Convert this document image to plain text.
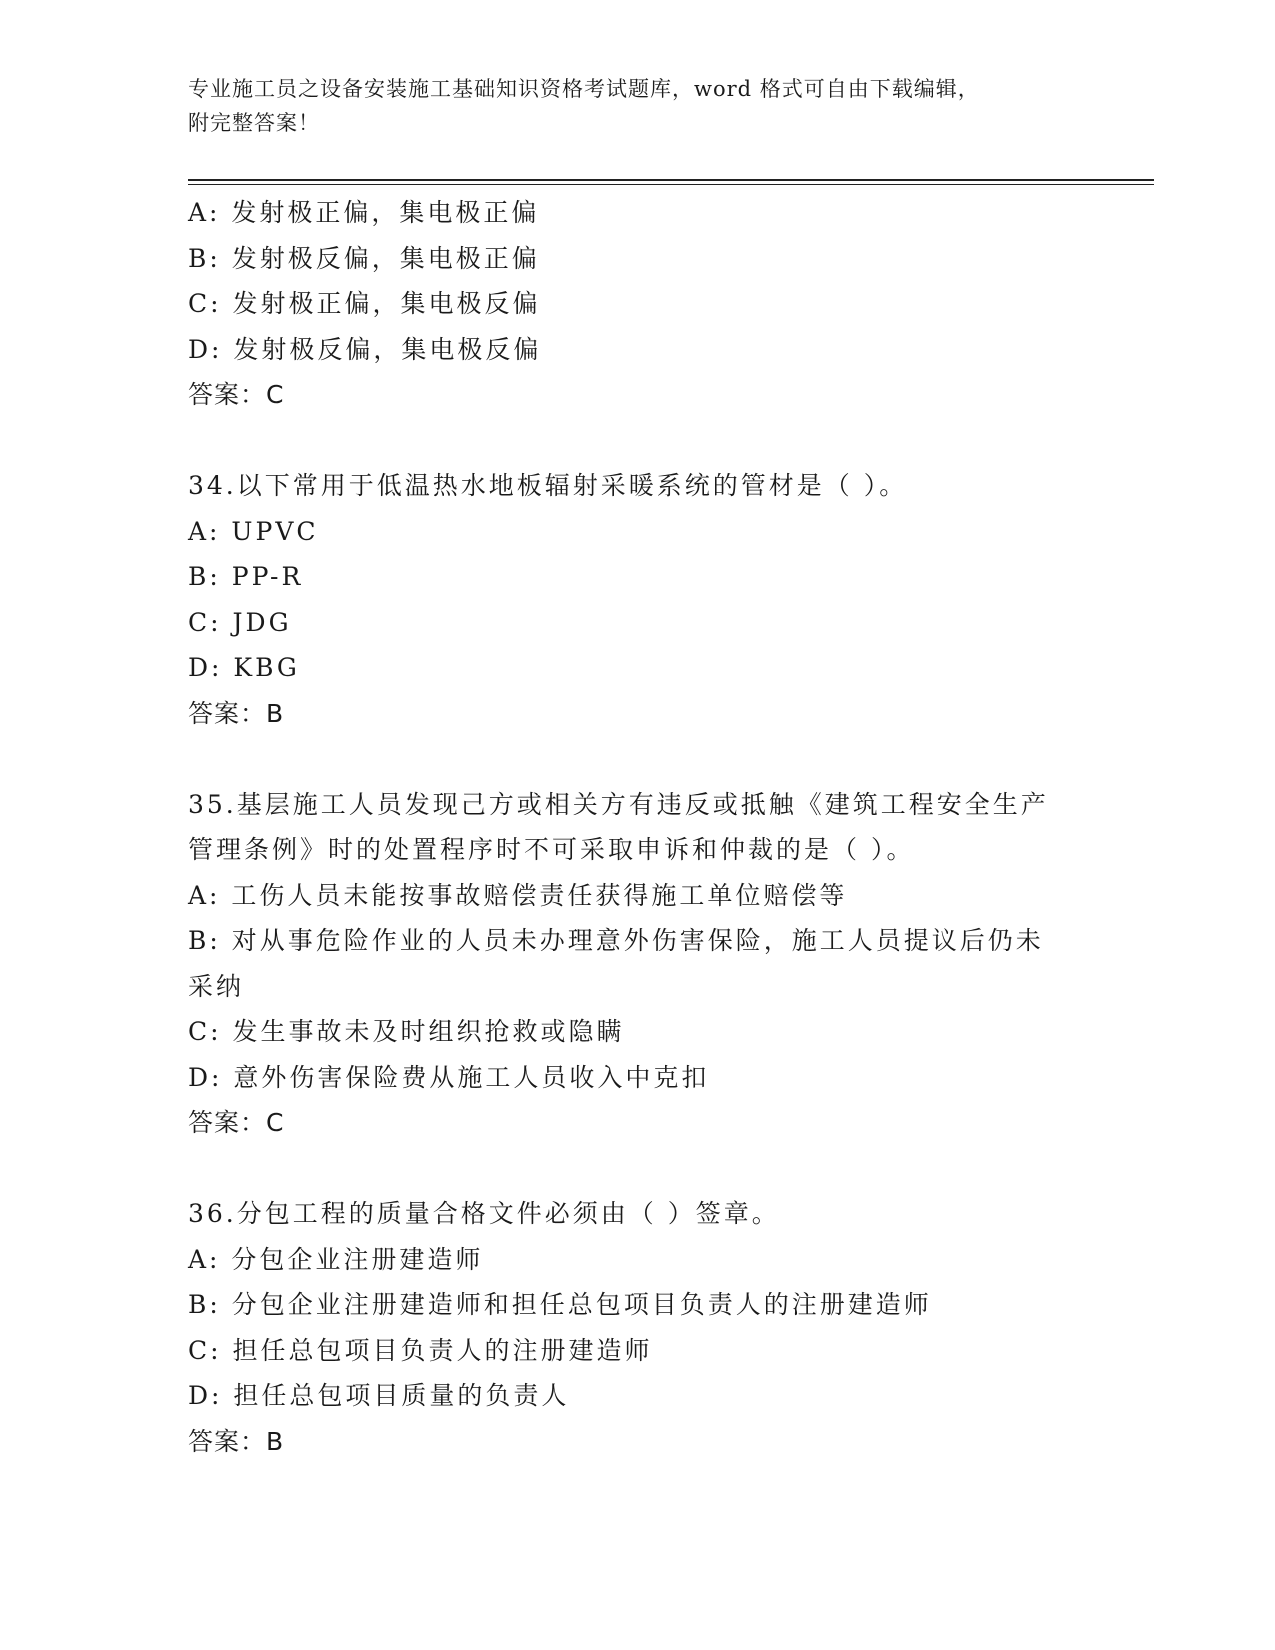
专业施工员之设备安装施工基础知识资格考试题库，word 格式可自由下载编辑，
附完整答案！
A: 发射极正偏，集电极正偏
B: 发射极反偏，集电极正偏
C: 发射极正偏，集电极反偏
D: 发射极反偏，集电极反偏
答案：C
34.以下常用于低温热水地板辐射采暖系统的管材是（ ）。
A: UPVC
B: PP-R
C: JDG
D: KBG
答案：B
35.基层施工人员发现己方或相关方有违反或抵触《建筑工程安全生产
管理条例》时的处置程序时不可采取申诉和仲裁的是（ ）。
A: 工伤人员未能按事故赔偿责任获得施工单位赔偿等
B: 对从事危险作业的人员未办理意外伤害保险，施工人员提议后仍未
采纳
C: 发生事故未及时组织抢救或隐瞒
D: 意外伤害保险费从施工人员收入中克扣
答案：C
36.分包工程的质量合格文件必须由（ ）签章。
A: 分包企业注册建造师
B: 分包企业注册建造师和担任总包项目负责人的注册建造师
C: 担任总包项目负责人的注册建造师
D: 担任总包项目质量的负责人
答案：B
